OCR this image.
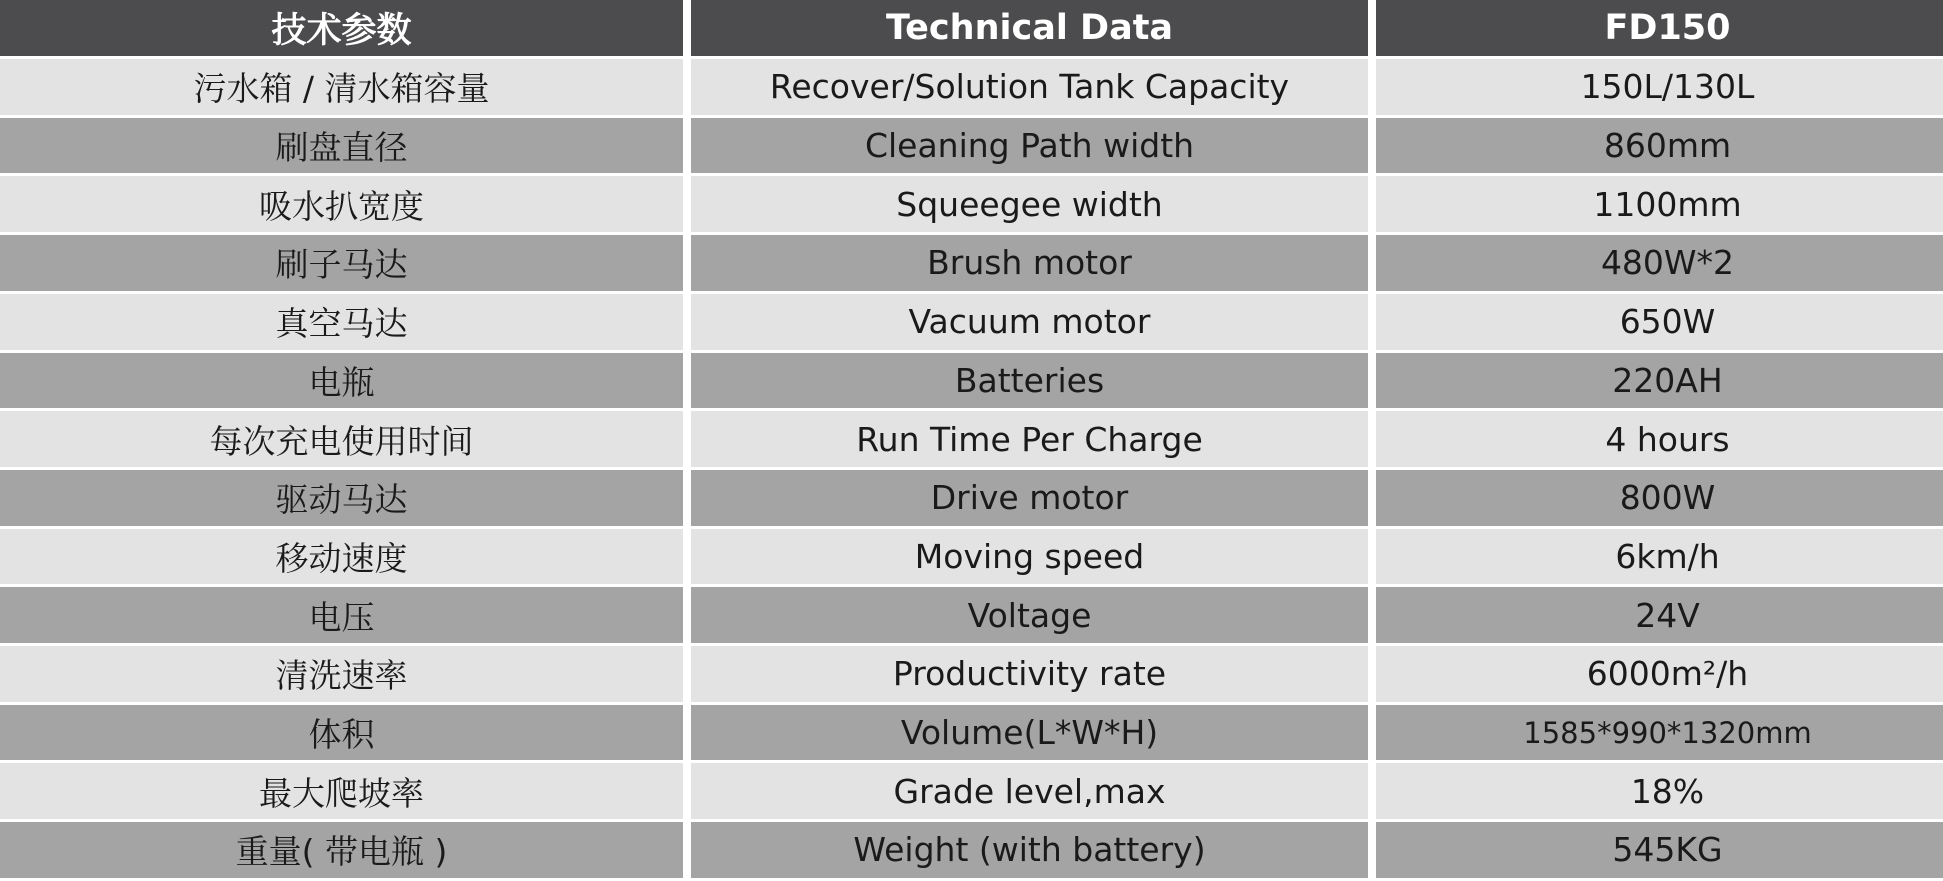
技术参数	Technical Data	FD150
污水箱 / 清水箱容量	Recover/Solution Tank Capacity	150L/130L
刷盘直径	Cleaning Path width	860mm
吸水扒宽度	Squeegee width	1100mm
刷子马达	Brush motor	480W*2
真空马达	Vacuum motor	650W
电瓶	Batteries	220AH
每次充电使用时间	Run Time Per Charge	4 hours
驱动马达	Drive motor	800W
移动速度	Moving speed	6km/h
电压	Voltage	24V
清洗速率	Productivity rate	6000m²/h
体积	Volume(L*W*H)	1585*990*1320mm
最大爬坡率	Grade level,max	18%
重量( 带电瓶 )	Weight (with battery)	545KG
